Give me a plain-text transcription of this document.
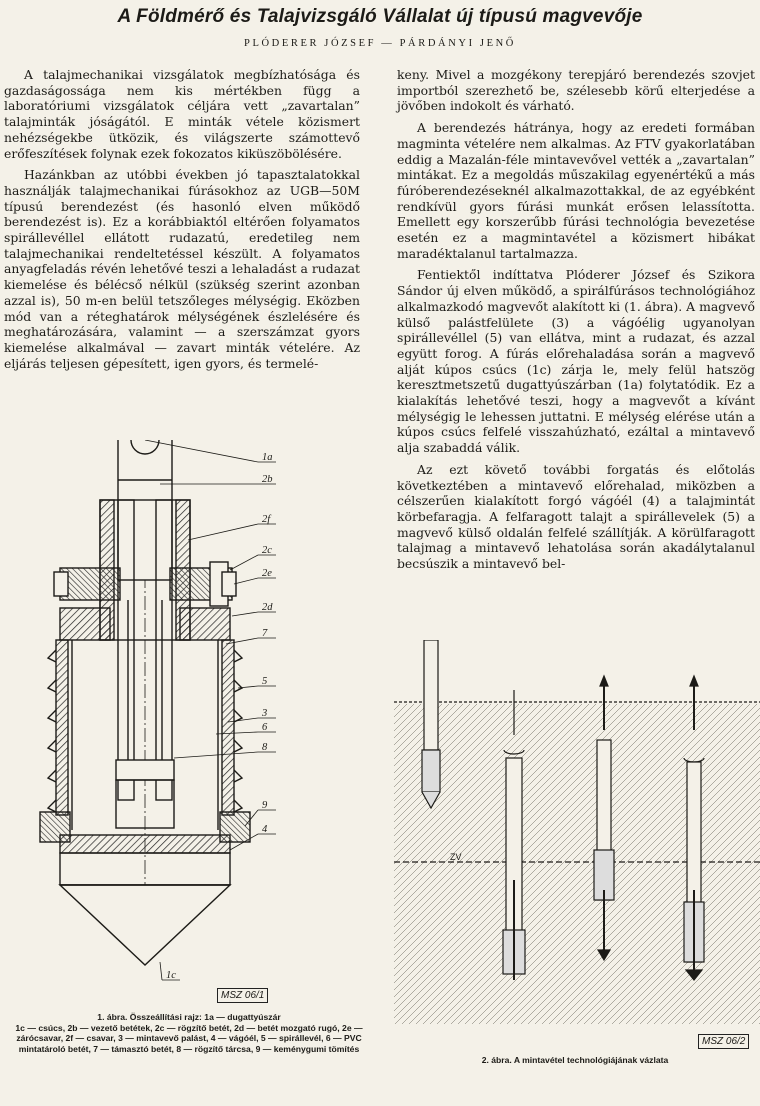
A Földmérő és Talajvizsgáló Vállalat új típusú magvevője
PLÓDERER JÓZSEF — PÁRDÁNYI JENŐ

A talajmechanikai vizsgálatok megbízhatósága és gazdaságossága nem kis mértékben függ a laboratóriumi vizsgálatok céljára vett „zavartalan” talajminták jóságától. E minták vétele közismert nehézségekbe ütközik, és világszerte számottevő erőfeszítések folynak ezek fokozatos kiküszöbölésére.

Hazánkban az utóbbi években jó tapasztalatokkal használják talajmechanikai fúrásokhoz az UGB—50M típusú berendezést (és hasonló elven működő berendezést is). Ez a korábbiaktól eltérően folyamatos spirállevéllel ellátott rudazatú, eredetileg nem talajmechanikai rendeltetéssel készült. A folyamatos anyagfeladás révén lehetővé teszi a lehaladást a rudazat kiemelése és bélécső nélkül (szükség szerint azonban azzal is), 50 m-en belül tetszőleges mélységig. Eközben mód van a réteghatárok mélységének észlelésére és meghatározására, valamint — a szerszámzat gyors kiemelése alkalmával — zavart minták vételére. Az eljárás teljesen gépesített, igen gyors, és termelé-

keny. Mivel a mozgékony terepjáró berendezés szovjet importból szerezhető be, szélesebb körű elterjedése a jövőben indokolt és várható.

A berendezés hátránya, hogy az eredeti formában magminta vételére nem alkalmas. Az FTV gyakorlatában eddig a Mazalán-féle mintavevővel vették a „zavartalan” mintákat. Ez a megoldás műszakilag egyenértékű a más fúróberendezéseknél alkalmazottakkal, de az egyébként rendkívül gyors fúrási munkát erősen lelassította. Emellett egy korszerűbb fúrási technológia bevezetése esetén ez a magmintavétel a közismert hibákat maradéktalanul tartalmazza.

Fentiektől indíttatva Plóderer József és Szikora Sándor új elven működő, a spirálfúrásos technológiához alkalmazkodó magvevőt alakított ki (1. ábra). A magvevő külső palástfelülete (3) a vágóélig ugyanolyan spirállevéllel (5) van ellátva, mint a rudazat, és azzal együtt forog. A fúrás előrehaladása során a magvevő alját kúpos csúcs (1c) zárja le, mely felül hatszög keresztmetszetű dugattyúszárban (1a) folytatódik. Ez a kialakítás lehetővé teszi, hogy a magvevőt a kívánt mélységig le lehessen juttatni. E mélység elérése után a kúpos csúcs felfelé visszahúzható, ezáltal a mintavevő alja szabaddá válik.

Az ezt követő további forgatás és előtolás következtében a mintavevő előrehalad, miközben a célszerűen kialakított forgó vágóél (4) a talajmintát körbefaragja. A felfaragott talajt a spirállevelek (5) a magvevő külső oldalán felfelé szállítják. A körülfaragott talajmag a mintavevő lehatolása során akadálytalanul becsúszik a mintavevő bel-

1a
2b
2f
2c
2e
2d
7
5
3
6
8
9
4
1c
MSZ 06/1
1. ábra. Összeállítási rajz: 1a — dugattyúszár
1c — csúcs, 2b — vezető betétek, 2c — rögzítő betét, 2d — betét mozgató rugó, 2e — zárócsavar, 2f — csavar, 3 — mintavevő palást, 4 — vágóél, 5 — spirállevél, 6 — PVC mintatároló betét, 7 — támasztó betét, 8 — rögzítő tárcsa, 9 — keménygumi tömítés
ZV
MSZ 06/2
2. ábra. A mintavétel technológiájának vázlata
